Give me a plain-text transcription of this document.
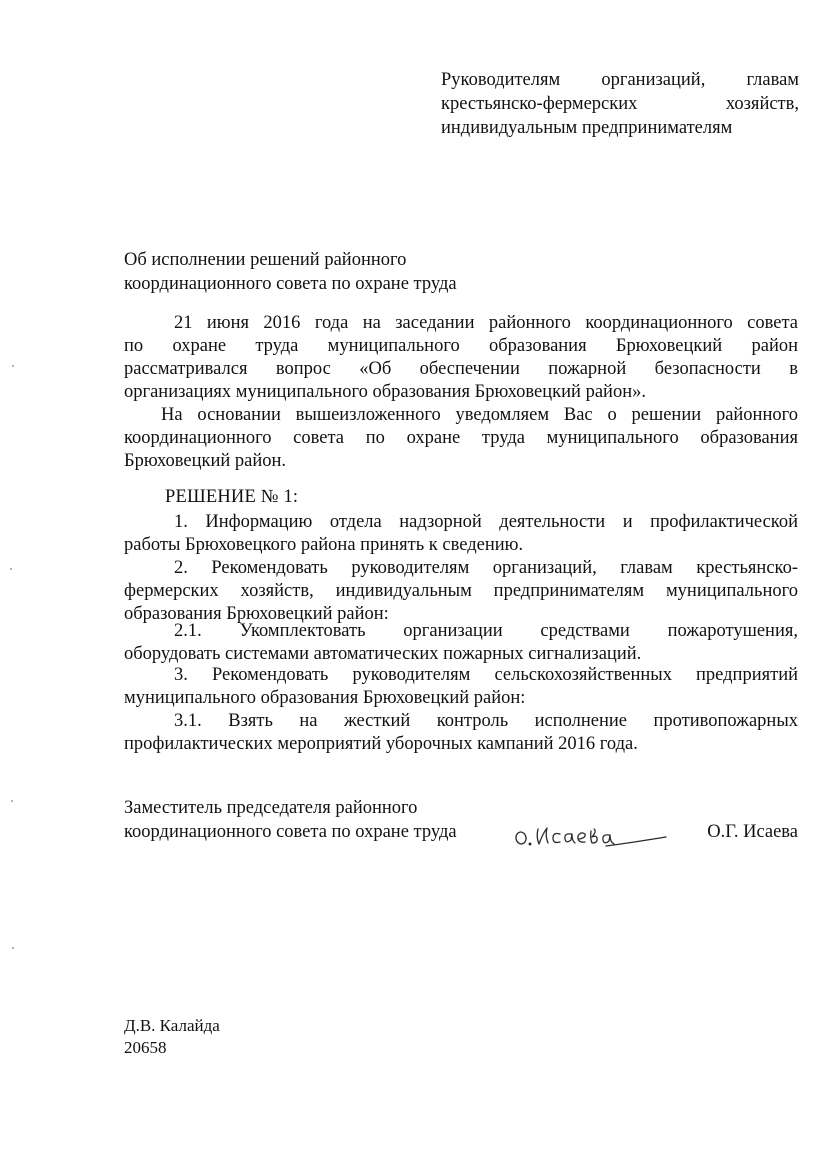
Руководителям организаций, главам
крестьянско-фермерских хозяйств,
индивидуальным предпринимателям
Об исполнении решений районного
координационного совета по охране труда
21 июня 2016 года на заседании районного координационного совета
по охране труда муниципального образования Брюховецкий район
рассматривался вопрос «Об обеспечении пожарной безопасности в
организациях муниципального образования Брюховецкий район».
На основании вышеизложенного уведомляем Вас о решении районного
координационного совета по охране труда муниципального образования
Брюховецкий район.
РЕШЕНИЕ № 1:
1. Информацию отдела надзорной деятельности и профилактической
работы Брюховецкого района принять к сведению.
2. Рекомендовать руководителям организаций, главам крестьянско-
фермерских хозяйств, индивидуальным предпринимателям муниципального
образования Брюховецкий район:
2.1. Укомплектовать организации средствами пожаротушения,
оборудовать системами автоматических пожарных сигнализаций.
3. Рекомендовать руководителям сельскохозяйственных предприятий
муниципального образования Брюховецкий район:
3.1. Взять на жесткий контроль исполнение противопожарных
профилактических мероприятий уборочных кампаний 2016 года.
Заместитель председателя районного
координационного совета по охране труда	О.Г. Исаева
Д.В. Калайда
20658
